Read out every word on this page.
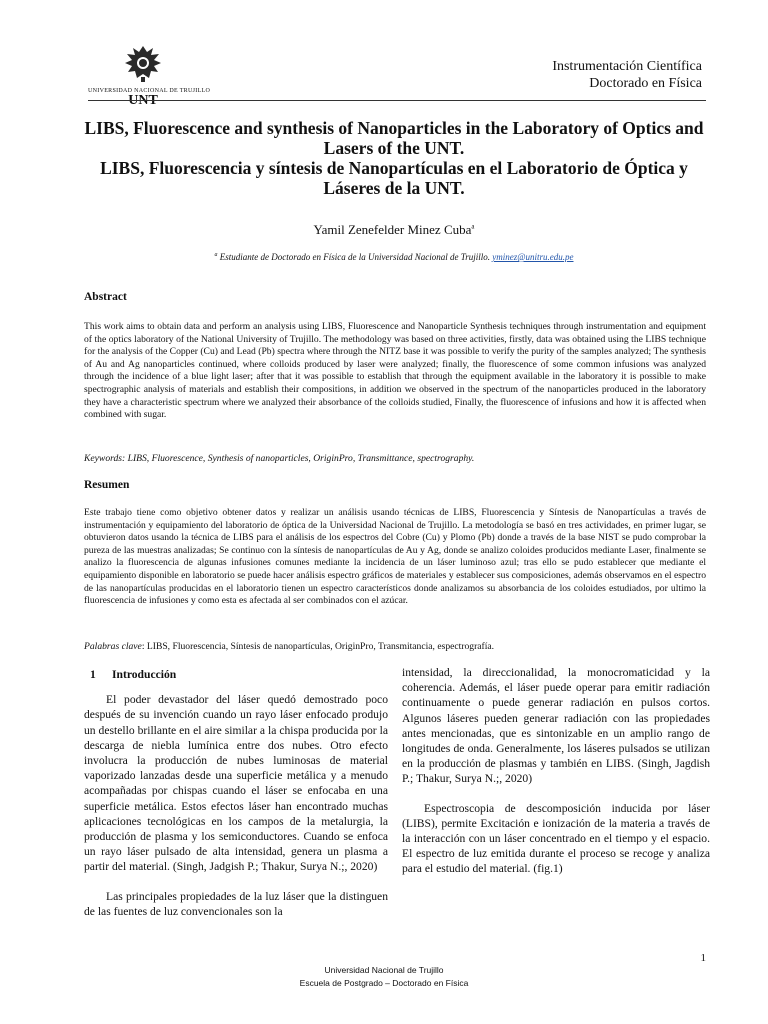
UNIVERSIDAD NACIONAL DE TRUJILLO
UNT
Instrumentación Científica
Doctorado en Física
LIBS, Fluorescence and synthesis of Nanoparticles in the Laboratory of Optics and
Lasers of the UNT.
LIBS, Fluorescencia y síntesis de Nanopartículas en el Laboratorio de Óptica y
Láseres de la UNT.
Yamil Zenefelder Minez Cuba$^a$
$^a$ Estudiante de Doctorado en Física de la Universidad Nacional de Trujillo. yminez@unitru.edu.pe
Abstract
This work aims to obtain data and perform an analysis using LIBS, Fluorescence and Nanoparticle Synthesis techniques through instrumentation and equipment of the optics laboratory of the National University of Trujillo. The methodology was based on three activities, firstly, data was obtained using the LIBS technique for the analysis of the Copper (Cu) and Lead (Pb) spectra where through the NITZ base it was possible to verify the purity of the samples analyzed; The synthesis of Au and Ag nanoparticles continued, where colloids produced by laser were analyzed; finally, the fluorescence of some common infusions was analyzed through the incidence of a blue light laser; after that it was possible to establish that through the equipment available in the laboratory it is possible to make spectrographic analysis of materials and establish their compositions, in addition we observed in the spectrum of the nanoparticles produced in the laboratory they have a characteristic spectrum where we analyzed their absorbance of the colloids studied, Finally, the fluorescence of infusions and how it is affected when combined with sugar.
Keywords: LIBS, Fluorescence, Synthesis of nanoparticles, OriginPro, Transmittance, spectrography.
Resumen
Este trabajo tiene como objetivo obtener datos y realizar un análisis usando técnicas de LIBS, Fluorescencia y Síntesis de Nanopartículas a través de instrumentación y equipamiento del laboratorio de óptica de la Universidad Nacional de Trujillo. La metodología se basó en tres actividades, en primer lugar, se obtuvieron datos usando la técnica de LIBS para el análisis de los espectros del Cobre (Cu) y Plomo (Pb) donde a través de la base NIST se pudo comprobar la pureza de las muestras analizadas; Se continuo con la síntesis de nanopartículas de Au y Ag, donde se analizo coloides producidos mediante Laser, finalmente se analizo la fluorescencia de algunas infusiones comunes mediante la incidencia de un láser luminoso azul; tras ello se pudo establecer que mediante el equipamiento disponible en laboratorio se puede hacer análisis espectro gráficos de materiales y establecer sus composiciones, además observamos en el espectro de las nanopartículas producidas en el laboratorio tienen un espectro característicos donde analizamos su absorbancia de los coloides estudiados, por ultimo la fluorescencia de infusiones y como esta es afectada al ser combinados con el azúcar.
Palabras clave: LIBS, Fluorescencia, Síntesis de nanopartículas, OriginPro, Transmitancia, espectrografía.
1 Introducción

El poder devastador del láser quedó demostrado poco después de su invención cuando un rayo láser enfocado produjo un destello brillante en el aire similar a la chispa producida por la descarga de niebla lumínica entre dos nubes. Otro efecto involucra la producción de nubes luminosas de material vaporizado lanzadas desde una superficie metálica y a menudo acompañadas por chispas cuando el láser se enfocaba en una superficie metálica. Estos efectos láser han encontrado muchas aplicaciones tecnológicas en los campos de la metalurgia, la producción de plasma y los semiconductores. Cuando se enfoca un rayo láser pulsado de alta intensidad, genera un plasma a partir del material. (Singh, Jadgish P.; Thakur, Surya N.;, 2020)

Las principales propiedades de la luz láser que la distinguen de las fuentes de luz convencionales son la

intensidad, la direccionalidad, la monocromaticidad y la coherencia. Además, el láser puede operar para emitir radiación continuamente o puede generar radiación en pulsos cortos. Algunos láseres pueden generar radiación con las propiedades antes mencionadas, que es sintonizable en un amplio rango de longitudes de onda. Generalmente, los láseres pulsados se utilizan en la producción de plasmas y también en LIBS. (Singh, Jagdish P.; Thakur, Surya N.;, 2020)

Espectroscopia de descomposición inducida por láser (LIBS), permite Excitación e ionización de la materia a través de la interacción con un láser concentrado en el tiempo y el espacio. El espectro de luz emitida durante el proceso se recoge y analiza para el estudio del material. (fig.1)

1
Universidad Nacional de Trujillo
Escuela de Postgrado – Doctorado en Física
